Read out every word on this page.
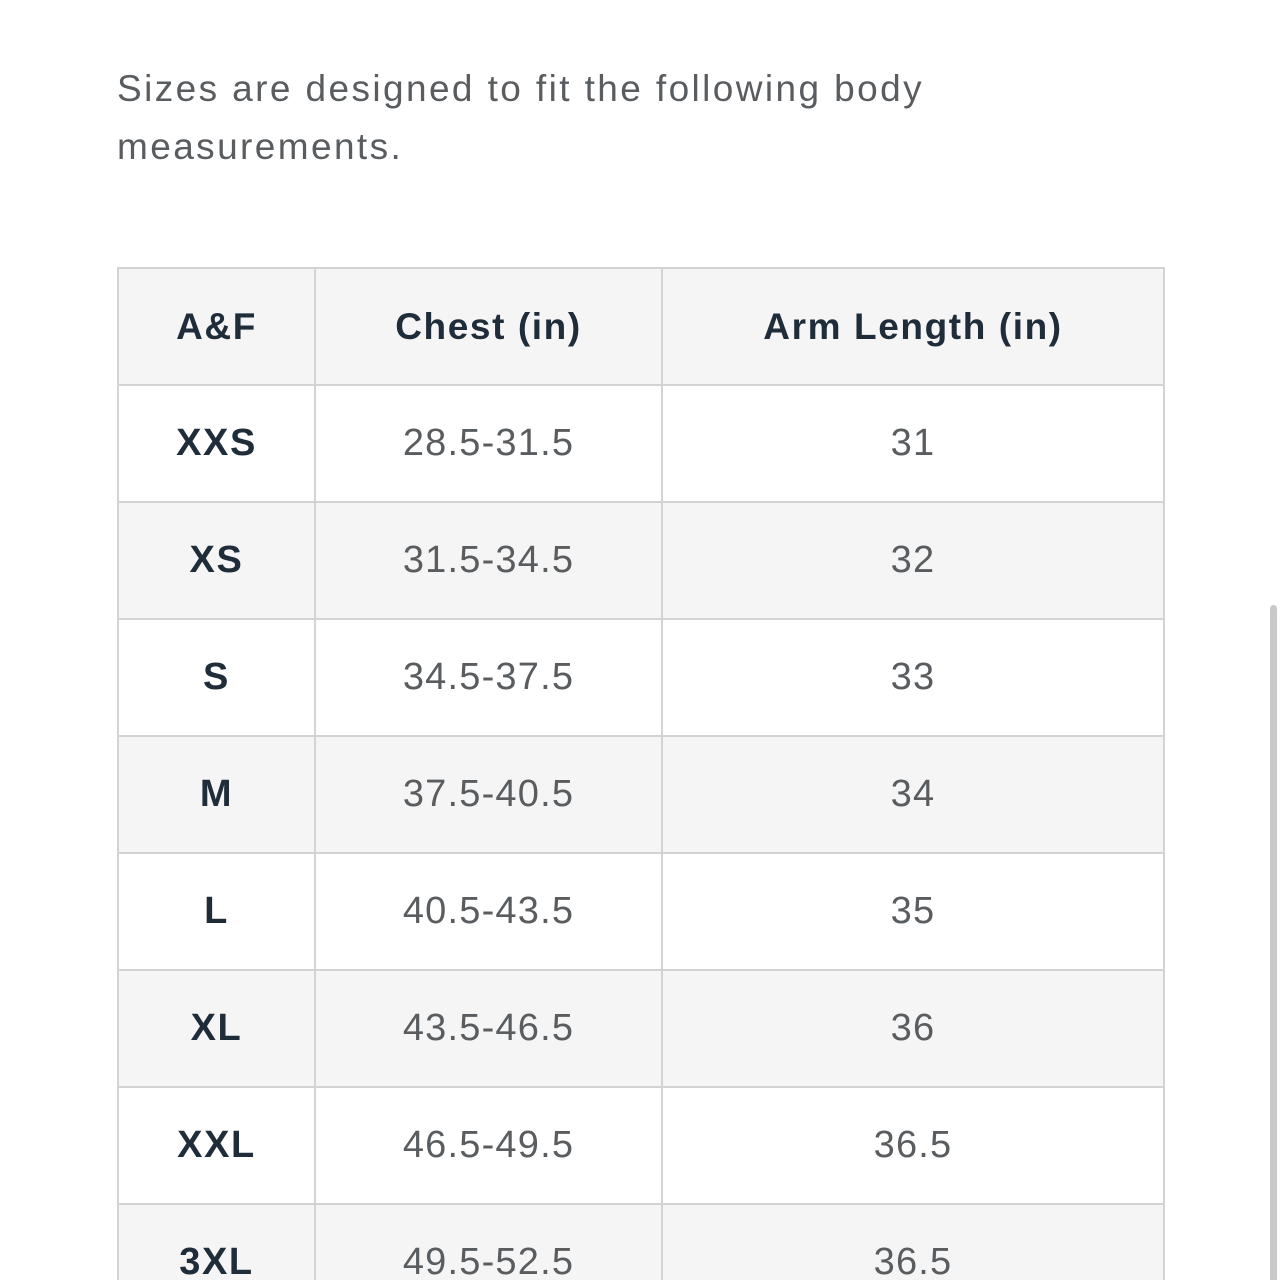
Sizes are designed to fit the following body measurements.

A&F	Chest (in)	Arm Length (in)
XXS	28.5-31.5	31
XS	31.5-34.5	32
S	34.5-37.5	33
M	37.5-40.5	34
L	40.5-43.5	35
XL	43.5-46.5	36
XXL	46.5-49.5	36.5
3XL	49.5-52.5	36.5
